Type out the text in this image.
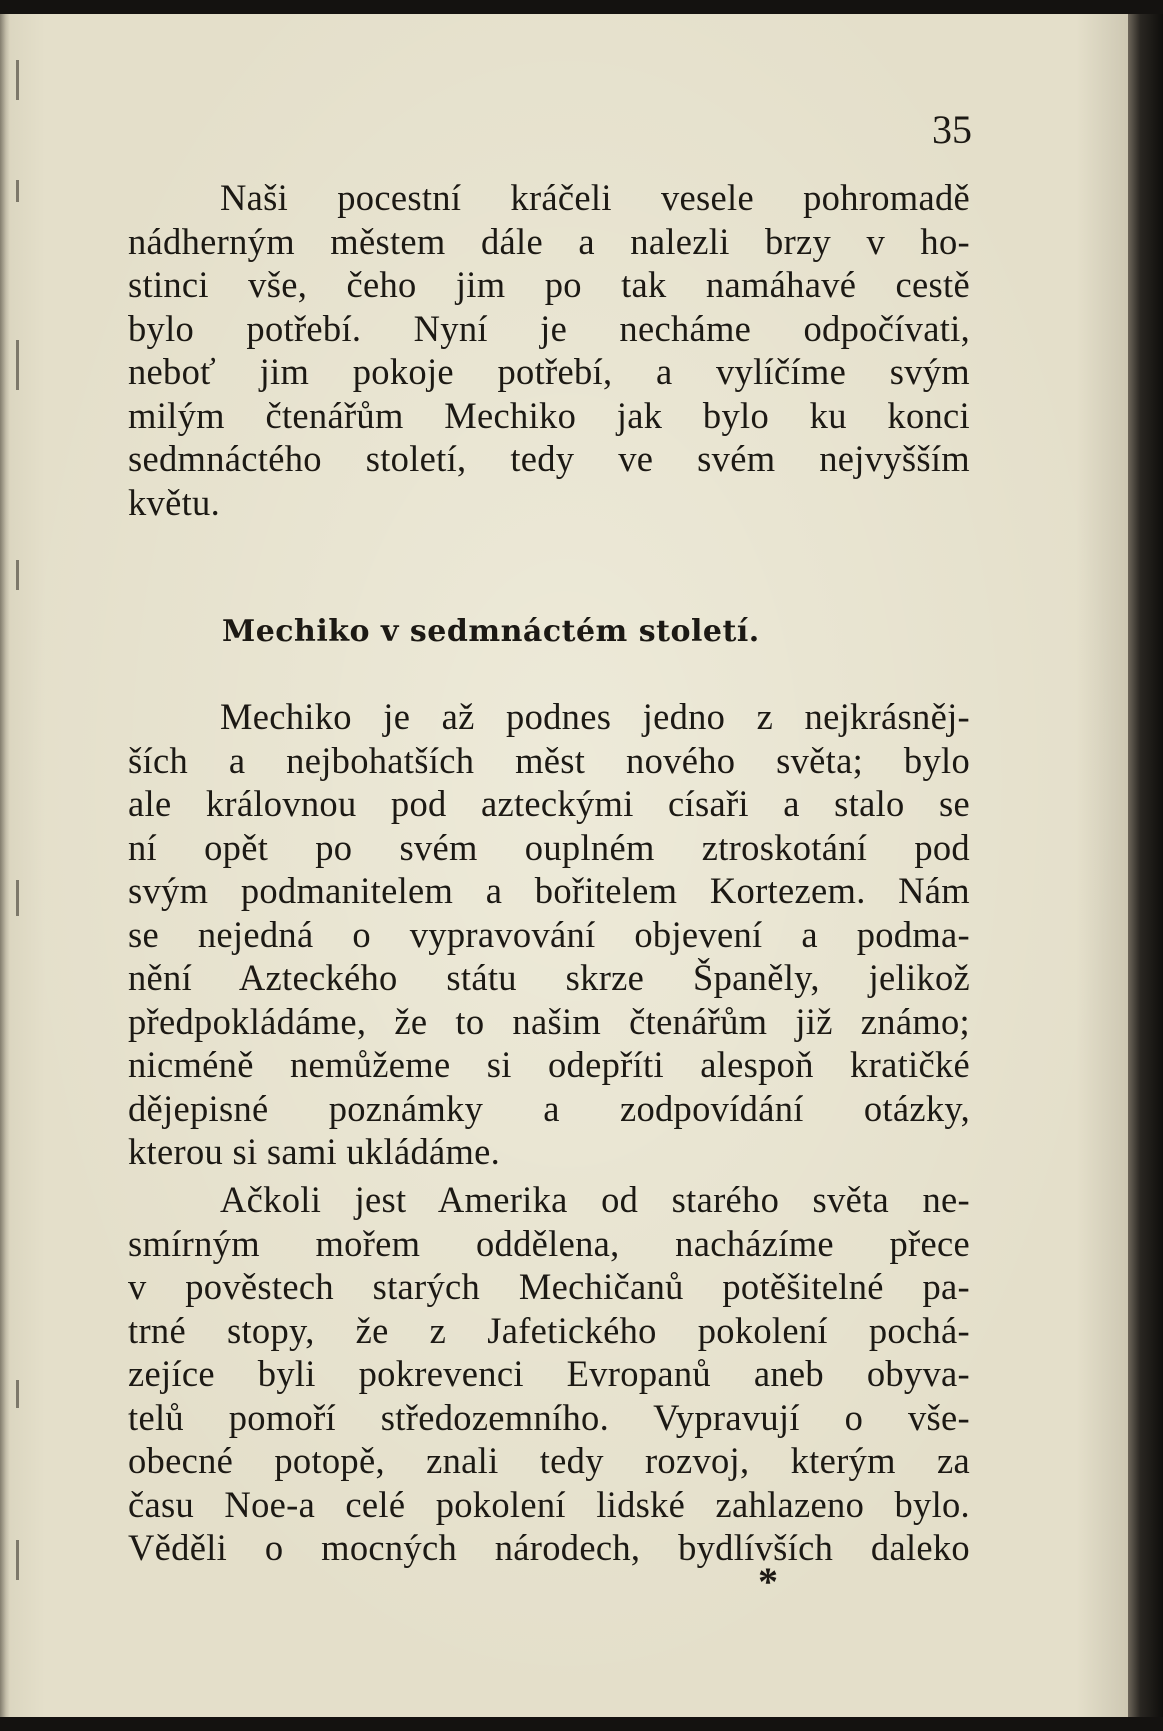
35

Naši pocestní kráčeli vesele pohromadě
nádherným městem dále a nalezli brzy v ho-
stinci vše, čeho jim po tak namáhavé cestě
bylo potřebí. Nyní je necháme odpočívati,
neboť jim pokoje potřebí, a vylíčíme svým
milým čtenářům Mechiko jak bylo ku konci
sedmnáctého století, tedy ve svém nejvyšším
květu.

Mechiko v sedmnáctém století.

Mechiko je až podnes jedno z nejkrásněj-
ších a nejbohatších měst nového světa; bylo
ale královnou pod azteckými císaři a stalo se
ní opět po svém ouplném ztroskotání pod
svým podmanitelem a bořitelem Kortezem. Nám
se nejedná o vypravování objevení a podma-
nění Azteckého státu skrze Španěly, jelikož
předpokládáme, že to našim čtenářům již známo;
nicméně nemůžeme si odepříti alespoň kratičké
dějepisné poznámky a zodpovídání otázky,
kterou si sami ukládáme.

Ačkoli jest Amerika od starého světa ne-
smírným mořem oddělena, nacházíme přece
v pověstech starých Mechičanů potěšitelné pa-
trné stopy, že z Jafetického pokolení pochá-
zejíce byli pokrevenci Evropanů aneb obyva-
telů pomoří středozemního. Vypravují o vše-
obecné potopě, znali tedy rozvoj, kterým za
času Noe-a celé pokolení lidské zahlazeno bylo.
Věděli o mocných národech, bydlívších daleko

*
